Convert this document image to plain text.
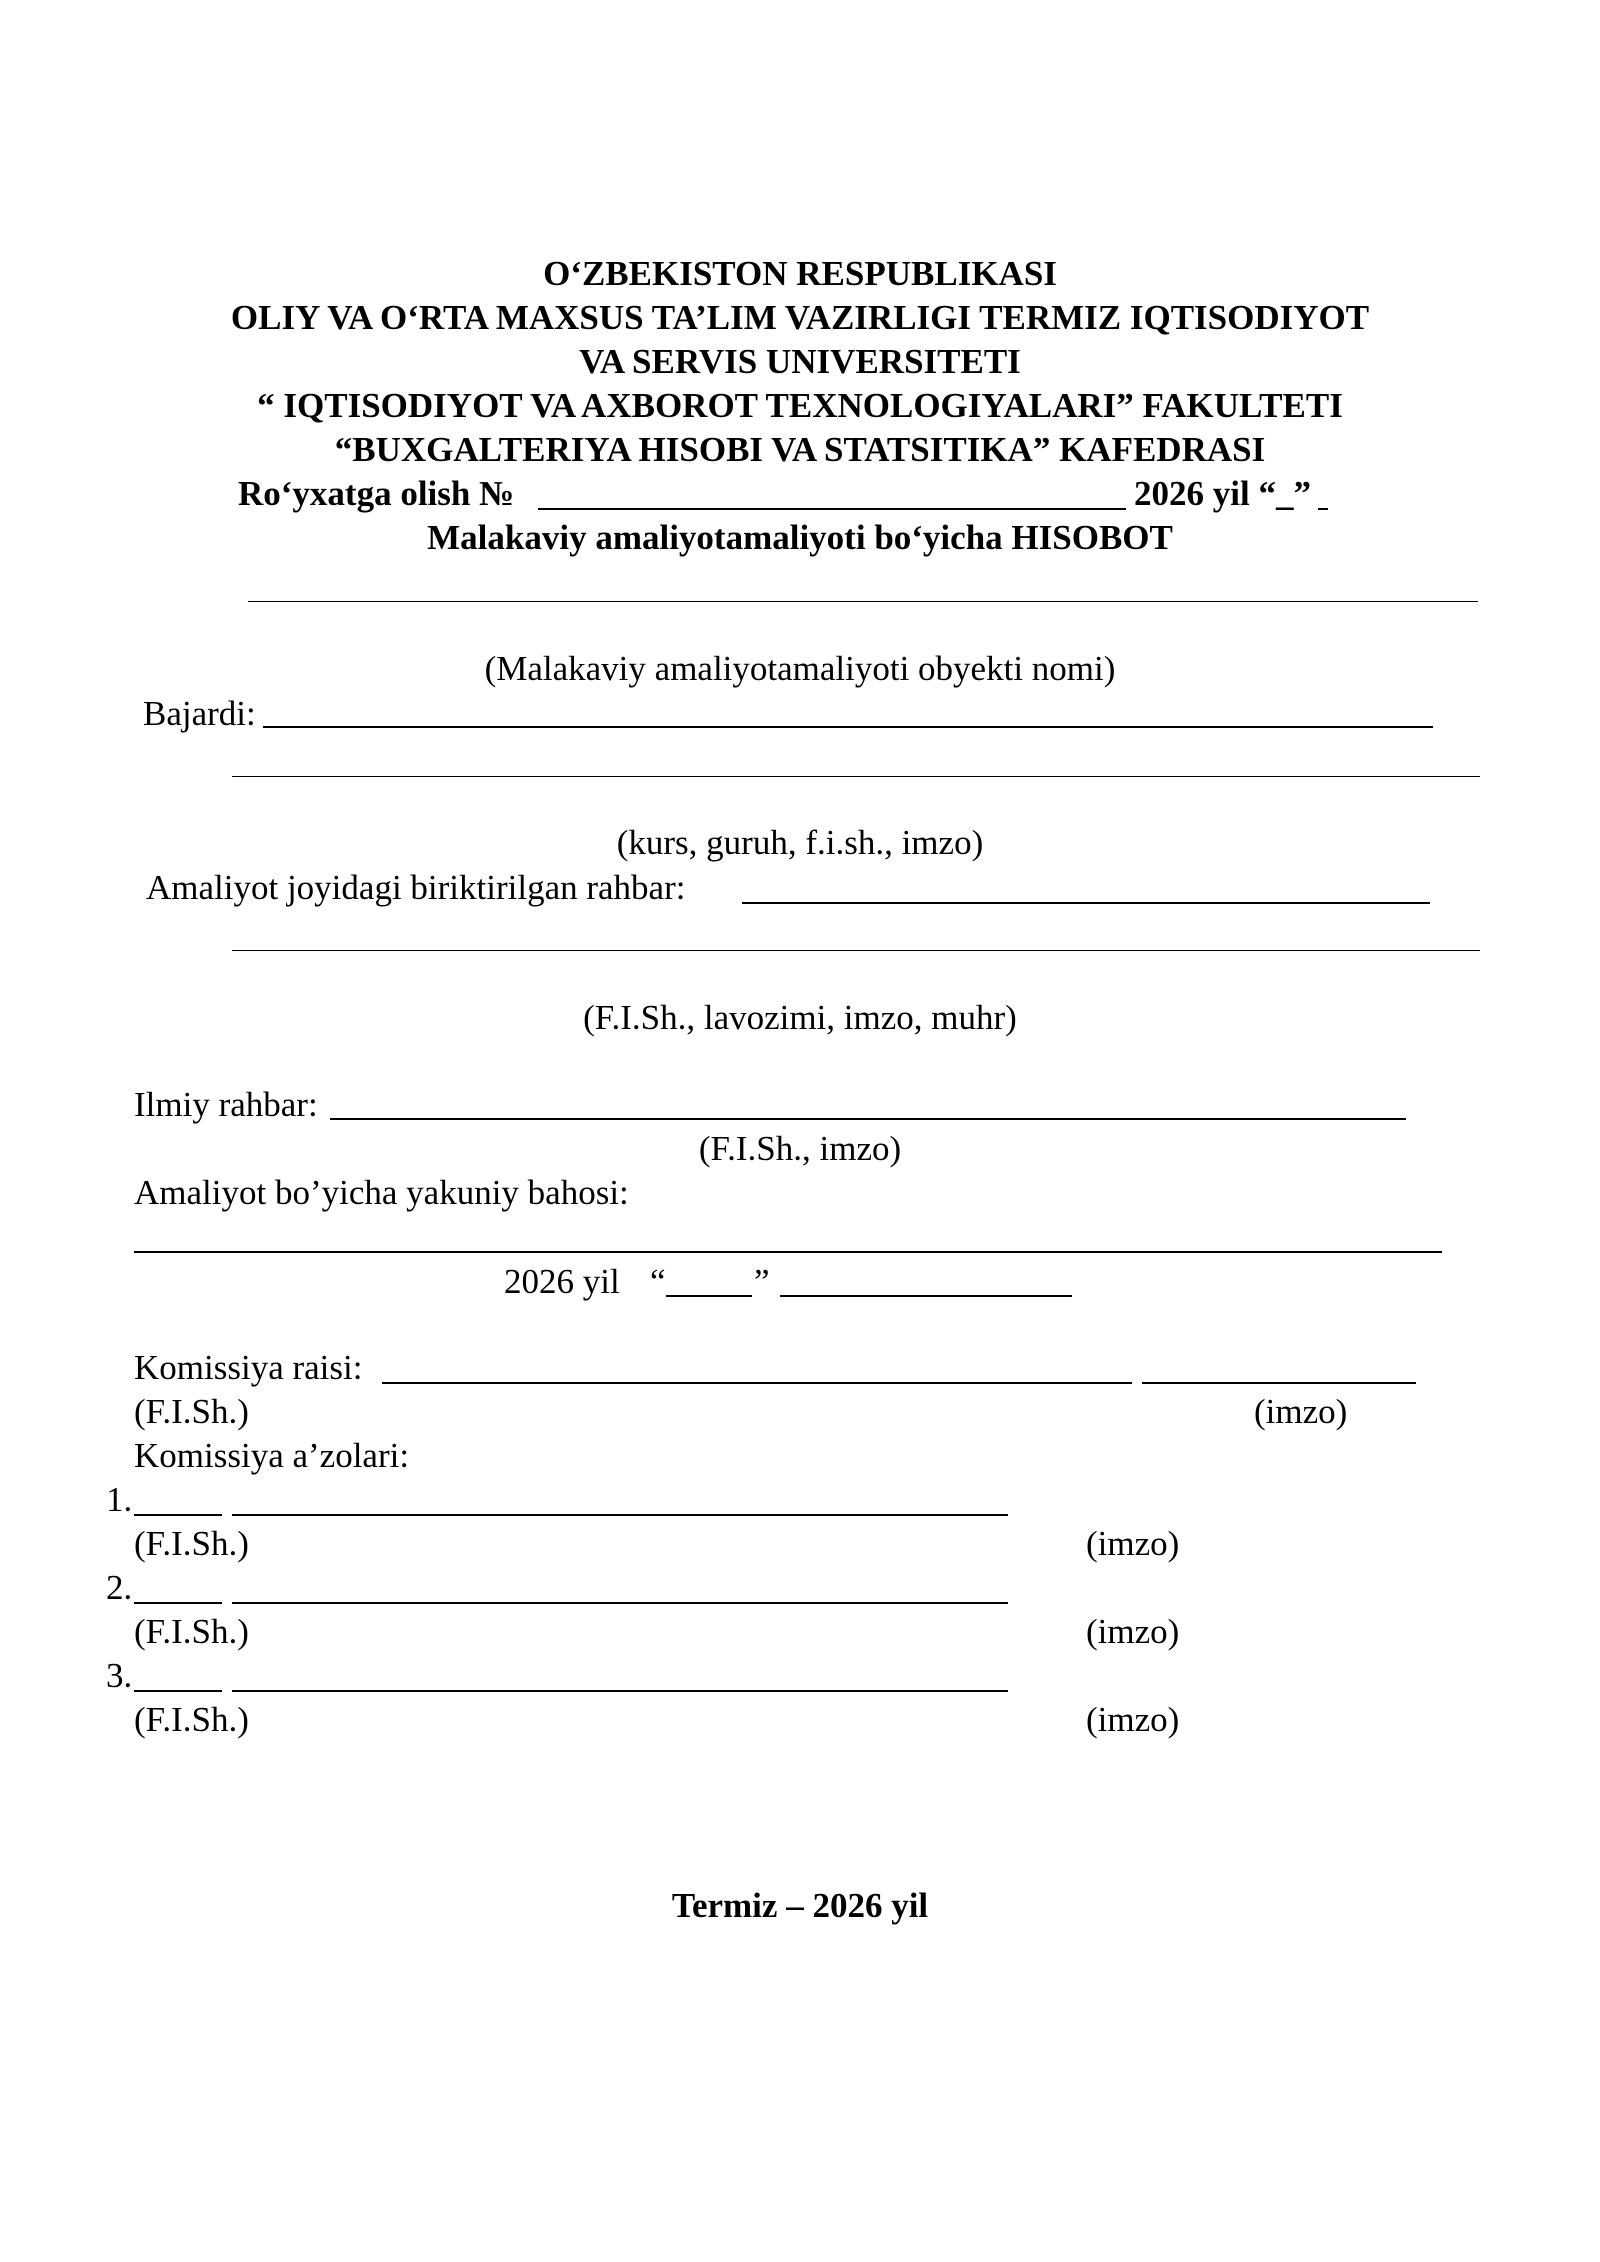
O‘ZBEKISTON RESPUBLIKASI
OLIY VA O‘RTA MAXSUS TA’LIM VAZIRLIGI TERMIZ IQTISODIYOT
VA SERVIS UNIVERSITETI
“ IQTISODIYOT VA AXBOROT TEXNOLOGIYALARI” FAKULTETI
“BUXGALTERIYA HISOBI VA STATSITIKA” KAFEDRASI
Ro‘yxatga olish №	2026 yil “_”
Malakaviy amaliyotamaliyoti bo‘yicha HISOBOT
(Malakaviy amaliyotamaliyoti obyekti nomi)
Bajardi:
(kurs, guruh, f.i.sh., imzo)
Amaliyot joyidagi biriktirilgan rahbar:
(F.I.Sh., lavozimi, imzo, muhr)
Ilmiy rahbar:
(F.I.Sh., imzo)
Amaliyot bo’yicha yakuniy bahosi:
2026 yil “	”
Komissiya raisi:
(F.I.Sh.)	(imzo)
Komissiya a’zolari:
1.
(F.I.Sh.)	(imzo)
2.
(F.I.Sh.)	(imzo)
3.
(F.I.Sh.)	(imzo)
Termiz – 2026 yil
